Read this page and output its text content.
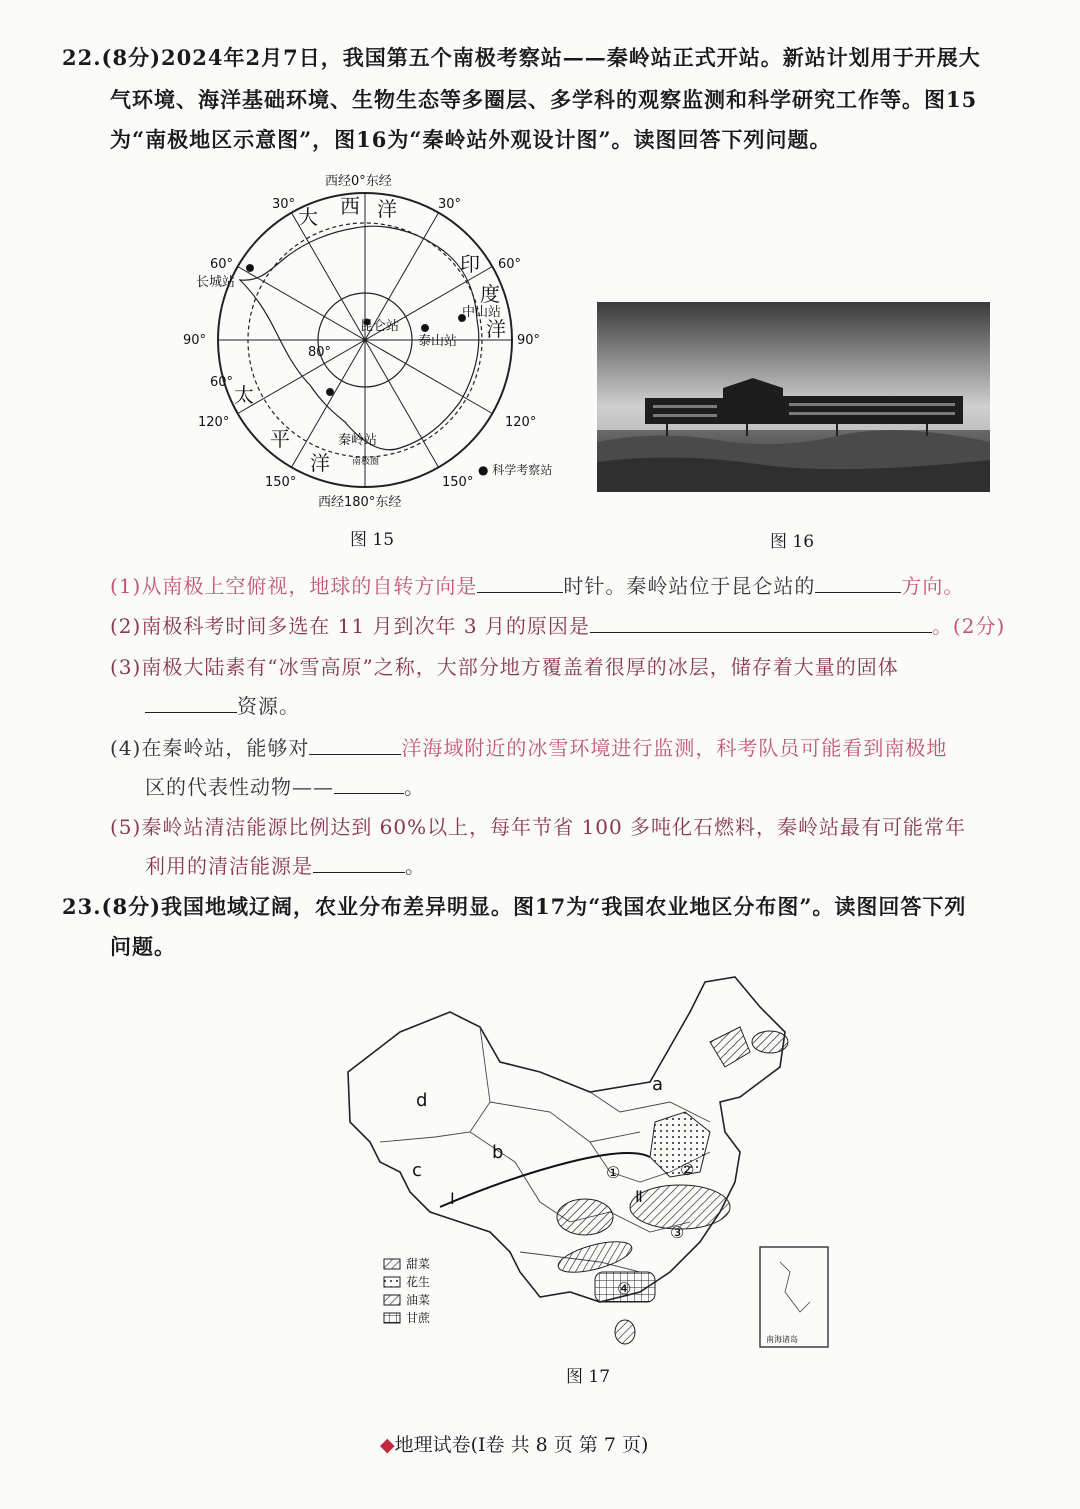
22.(8分)2024年2月7日，我国第五个南极考察站——秦岭站正式开站。新站计划用于开展大
气环境、海洋基础环境、生物生态等多圈层、多学科的观察监测和科学研究工作等。图15
为“南极地区示意图”，图16为“秦岭站外观设计图”。读图回答下列问题。
西经0°东经
西经180°东经
30°	30°
60°	60°
90°	90°
120°	120°
150°	150°
60°
80°
长城站
中山站
昆仑站
泰山站
秦岭站
南极圈
● 科学考察站
大 西 洋
印
度
洋
太
平
洋
图 15	图 16
(1)从南极上空俯视，地球的自转方向是	时针。秦岭站位于昆仑站的	方向。
(2)南极科考时间多选在 11 月到次年 3 月的原因是	。(2分)
(3)南极大陆素有“冰雪高原”之称，大部分地方覆盖着很厚的冰层，储存着大量的固体
资源。
(4)在秦岭站，能够对	洋海域附近的冰雪环境进行监测，科考队员可能看到南极地
区的代表性动物——	。
(5)秦岭站清洁能源比例达到 60%以上，每年节省 100 多吨化石燃料，秦岭站最有可能常年
利用的清洁能源是	。
23.(8分)我国地域辽阔，农业分布差异明显。图17为“我国农业地区分布图”。读图回答下列
问题。
a
b
c
d
①	②
③
④
Ⅰ	Ⅱ
甜菜
花生
油菜
甘蔗
南海诸岛
图 17
◆地理试卷(Ⅰ卷 共 8 页 第 7 页)
